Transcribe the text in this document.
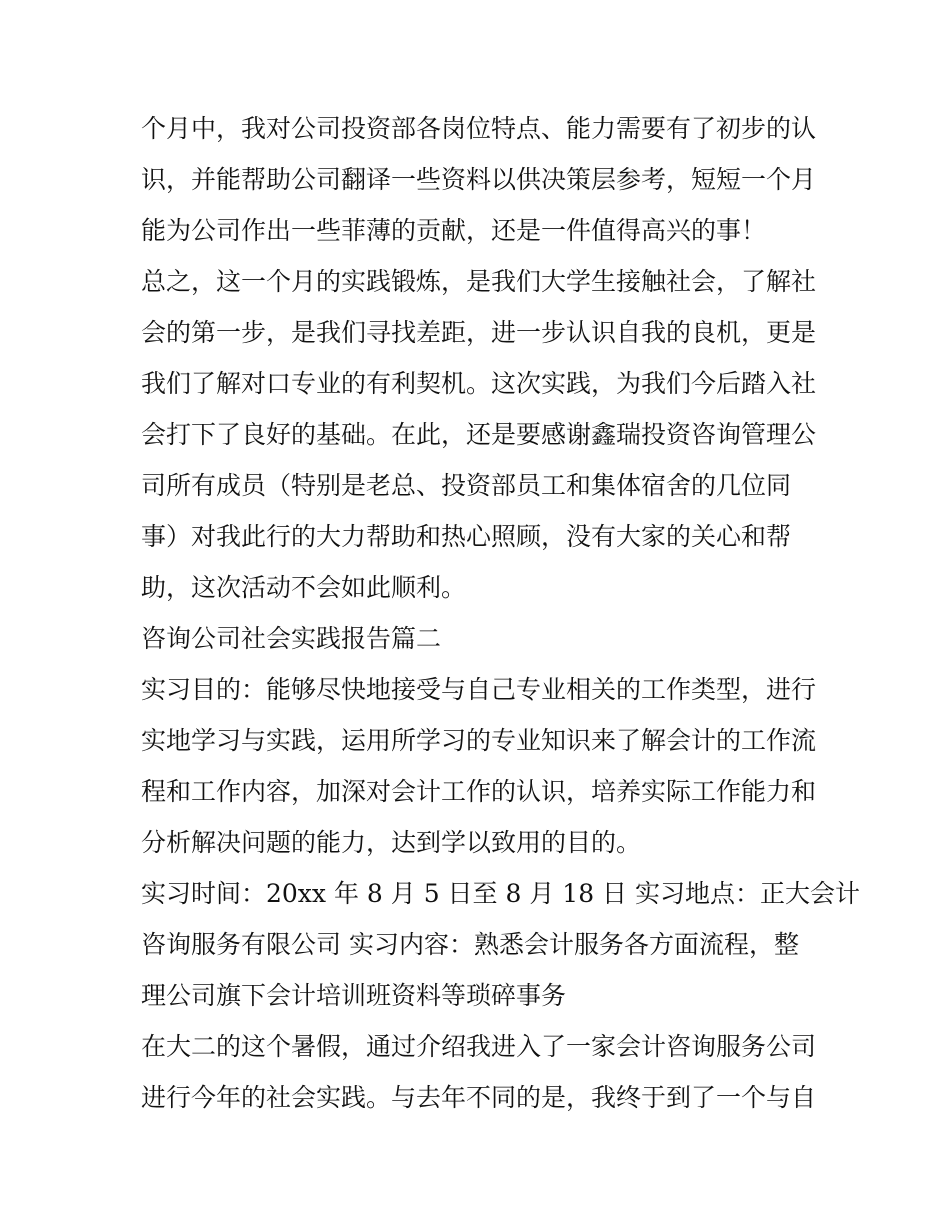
个月中，我对公司投资部各岗位特点、能力需要有了初步的认
识，并能帮助公司翻译一些资料以供决策层参考，短短一个月
能为公司作出一些菲薄的贡献，还是一件值得高兴的事！
总之，这一个月的实践锻炼，是我们大学生接触社会，了解社
会的第一步，是我们寻找差距，进一步认识自我的良机，更是
我们了解对口专业的有利契机。这次实践，为我们今后踏入社
会打下了良好的基础。在此，还是要感谢鑫瑞投资咨询管理公
司所有成员（特别是老总、投资部员工和集体宿舍的几位同
事）对我此行的大力帮助和热心照顾，没有大家的关心和帮
助，这次活动不会如此顺利。
咨询公司社会实践报告篇二
实习目的：能够尽快地接受与自己专业相关的工作类型，进行
实地学习与实践，运用所学习的专业知识来了解会计的工作流
程和工作内容，加深对会计工作的认识，培养实际工作能力和
分析解决问题的能力，达到学以致用的目的。
实习时间：20xx 年 8 月 5 日至 8 月 18 日 实习地点：正大会计
咨询服务有限公司 实习内容：熟悉会计服务各方面流程，整
理公司旗下会计培训班资料等琐碎事务
在大二的这个暑假，通过介绍我进入了一家会计咨询服务公司
进行今年的社会实践。与去年不同的是，我终于到了一个与自
